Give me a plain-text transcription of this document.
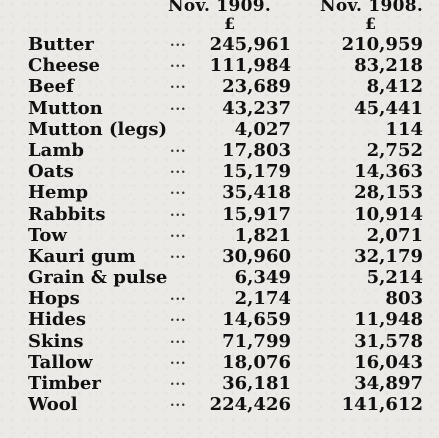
Nov. 1909.	Nov. 1908.
£	£
Butter	... 245,961	210,959
Cheese	... 111,984	83,218
Beef	... 23,689	8,412
Mutton	... 43,237	45,441
Mutton (legs)	4,027	114
Lamb	... 17,803	2,752
Oats	... 15,179	14,363
Hemp	... 35,418	28,153
Rabbits	... 15,917	10,914
Tow	...	1,821	2,071
Kauri gum	... 30,960	32,179
Grain & pulse	6,349	5,214
Hops	...	2,174	803
Hides	... 14,659	11,948
Skins	... 71,799	31,578
Tallow	... 18,076	16,043
Timber	... 36,181	34,897
Wool	... 224,426	141,612
